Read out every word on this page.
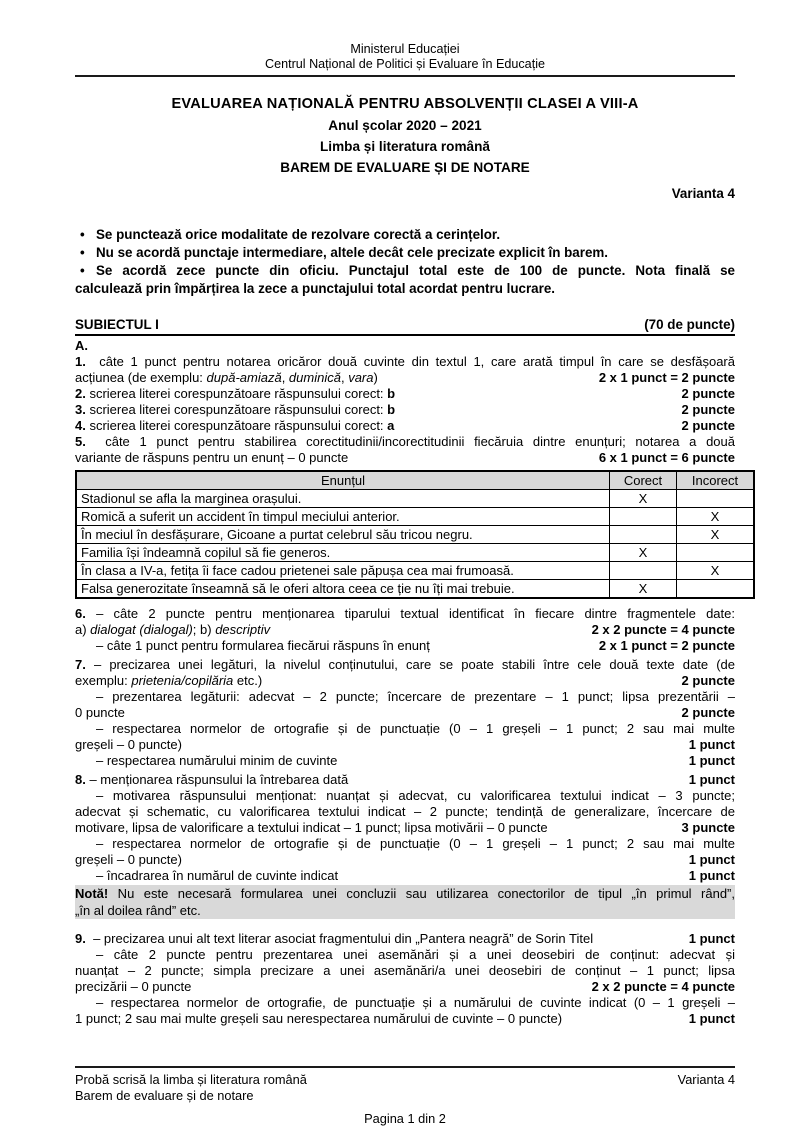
Ministerul Educației
Centrul Național de Politici și Evaluare în Educație
EVALUAREA NAȚIONALĂ PENTRU ABSOLVENȚII CLASEI A VIII-A
Anul școlar 2020 – 2021
Limba și literatura română
BAREM DE EVALUARE ȘI DE NOTARE
Varianta 4
• Se punctează orice modalitate de rezolvare corectă a cerințelor.
• Nu se acordă punctaje intermediare, altele decât cele precizate explicit în barem.
• Se acordă zece puncte din oficiu. Punctajul total este de 100 de puncte. Nota finală se
calculează prin împărțirea la zece a punctajului total acordat pentru lucrare.
SUBIECTUL I	(70 de puncte)
A.
1.  câte 1 punct pentru notarea oricăror două cuvinte din textul 1, care arată timpul în care se desfășoară
acțiunea (de exemplu: după-amiază, duminică, vara)	2 x 1 punct = 2 puncte
2. scrierea literei corespunzătoare răspunsului corect: b	2 puncte
3. scrierea literei corespunzătoare răspunsului corect: b	2 puncte
4. scrierea literei corespunzătoare răspunsului corect: a	2 puncte
5.  câte 1 punct pentru stabilirea corectitudinii/incorectitudinii fiecăruia dintre enunțuri; notarea a două
variante de răspuns pentru un enunț – 0 puncte	6 x 1 punct = 6 puncte
Enunțul	Corect	Incorect
Stadionul se afla la marginea orașului.	X	
Romică a suferit un accident în timpul meciului anterior.		X
În meciul în desfășurare, Gicoane a purtat celebrul său tricou negru.		X
Familia își îndeamnă copilul să fie generos.	X	
În clasa a IV-a, fetița îi face cadou prietenei sale păpușa cea mai frumoasă.		X
Falsa generozitate înseamnă să le oferi altora ceea ce ție nu îți mai trebuie.	X	
6. – câte 2 puncte pentru menționarea tiparului textual identificat în fiecare dintre fragmentele date:
a) dialogat (dialogal); b) descriptiv	2 x 2 puncte = 4 puncte
– câte 1 punct pentru formularea fiecărui răspuns în enunț	2 x 1 punct = 2 puncte
7. – precizarea unei legături, la nivelul conținutului, care se poate stabili între cele două texte date (de
exemplu: prietenia/copilăria etc.)	2 puncte
– prezentarea legăturii: adecvat – 2 puncte; încercare de prezentare – 1 punct; lipsa prezentării –
0 puncte	2 puncte
– respectarea normelor de ortografie și de punctuație (0 – 1 greșeli – 1 punct; 2 sau mai multe
greșeli – 0 puncte)	1 punct
– respectarea numărului minim de cuvinte	1 punct
8. – menționarea răspunsului la întrebarea dată	1 punct
– motivarea răspunsului menționat: nuanțat și adecvat, cu valorificarea textului indicat – 3 puncte;
adecvat și schematic, cu valorificarea textului indicat – 2 puncte; tendință de generalizare, încercare de
motivare, lipsa de valorificare a textului indicat – 1 punct; lipsa motivării – 0 puncte	3 puncte
– respectarea normelor de ortografie și de punctuație (0 – 1 greșeli – 1 punct; 2 sau mai multe
greșeli – 0 puncte)	1 punct
– încadrarea în numărul de cuvinte indicat	1 punct
Notă! Nu este necesară formularea unei concluzii sau utilizarea conectorilor de tipul „în primul rând”,
„în al doilea rând” etc.
9.  – precizarea unui alt text literar asociat fragmentului din „Pantera neagră” de Sorin Titel	1 punct
– câte 2 puncte pentru prezentarea unei asemănări și a unei deosebiri de conținut: adecvat și
nuanțat – 2 puncte; simpla precizare a unei asemănări/a unei deosebiri de conținut – 1 punct; lipsa
precizării – 0 puncte	2 x 2 puncte = 4 puncte
– respectarea normelor de ortografie, de punctuație și a numărului de cuvinte indicat (0 – 1 greșeli –
1 punct; 2 sau mai multe greșeli sau nerespectarea numărului de cuvinte – 0 puncte)	1 punct
Probă scrisă la limba și literatura română
Barem de evaluare și de notare
Varianta 4
Pagina 1 din 2
